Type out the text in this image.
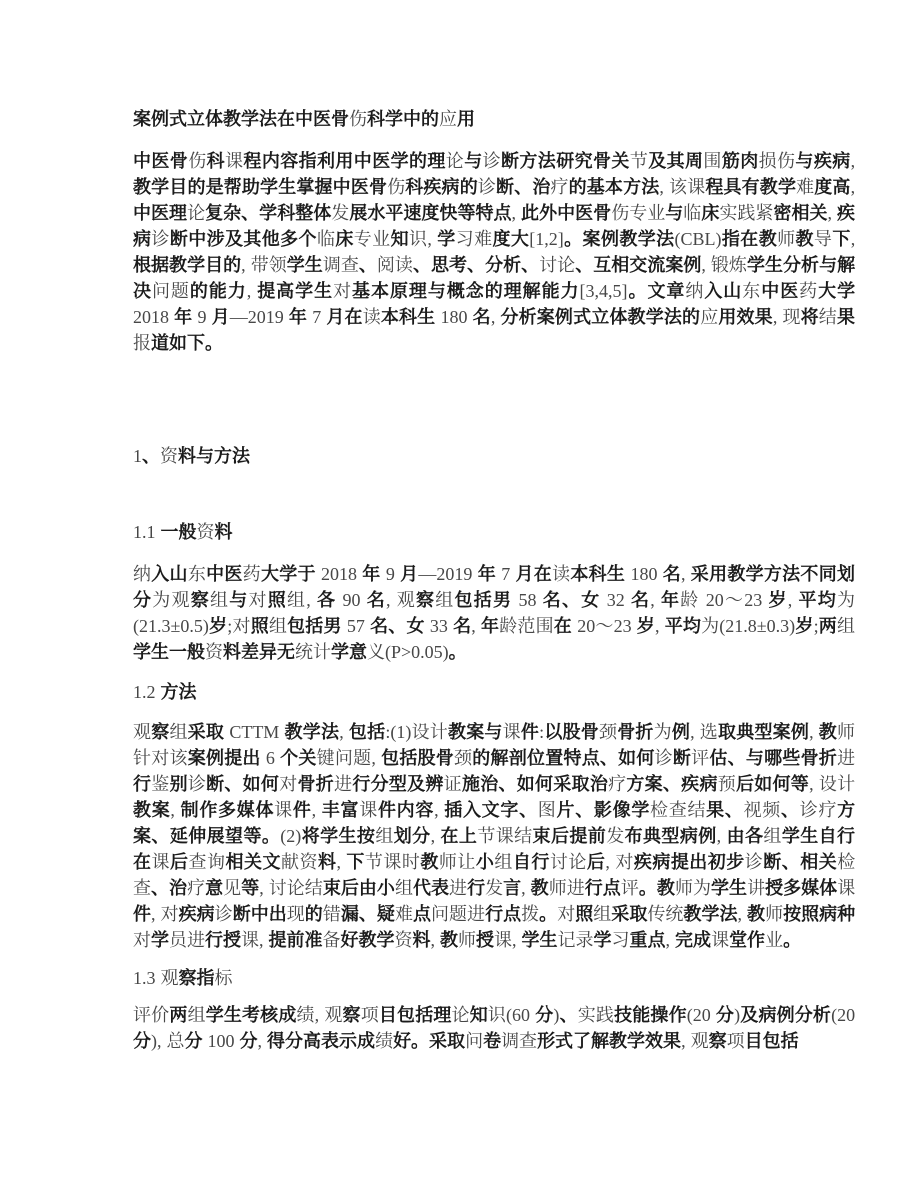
案例式立体教学法在中医骨伤科学中的应用

中医骨伤科课程内容指利用中医学的理论与诊断方法研究骨关节及其周围筋肉损伤与疾病, 教学目的是帮助学生掌握中医骨伤科疾病的诊断、治疗的基本方法, 该课程具有教学难度高, 中医理论复杂、学科整体发展水平速度快等特点, 此外中医骨伤专业与临床实践紧密相关, 疾病诊断中涉及其他多个临床专业知识, 学习难度大[1,2]。案例教学法(CBL)指在教师教导下, 根据教学目的, 带领学生调查、阅读、思考、分析、讨论、互相交流案例, 锻炼学生分析与解决问题的能力, 提高学生对基本原理与概念的理解能力[3,4,5]。文章纳入山东中医药大学 2018 年 9 月—2019 年 7 月在读本科生 180 名, 分析案例式立体教学法的应用效果, 现将结果报道如下。

1、资料与方法
1.1 一般资料

纳入山东中医药大学于 2018 年 9 月—2019 年 7 月在读本科生 180 名, 采用教学方法不同划分为观察组与对照组, 各 90 名, 观察组包括男 58 名、女 32 名, 年龄 20～23 岁, 平均为(21.3±0.5)岁;对照组包括男 57 名、女 33 名, 年龄范围在 20～23 岁, 平均为(21.8±0.3)岁;两组学生一般资料差异无统计学意义(P>0.05)。

1.2 方法

观察组采取 CTTM 教学法, 包括:(1)设计教案与课件:以股骨颈骨折为例, 选取典型案例, 教师针对该案例提出 6 个关键问题, 包括股骨颈的解剖位置特点、如何诊断评估、与哪些骨折进行鉴别诊断、如何对骨折进行分型及辨证施治、如何采取治疗方案、疾病预后如何等, 设计教案, 制作多媒体课件, 丰富课件内容, 插入文字、图片、影像学检查结果、视频、诊疗方案、延伸展望等。(2)将学生按组划分, 在上节课结束后提前发布典型病例, 由各组学生自行在课后查询相关文献资料, 下节课时教师让小组自行讨论后, 对疾病提出初步诊断、相关检查、治疗意见等, 讨论结束后由小组代表进行发言, 教师进行点评。教师为学生讲授多媒体课件, 对疾病诊断中出现的错漏、疑难点问题进行点拨。对照组采取传统教学法, 教师按照病种对学员进行授课, 提前准备好教学资料, 教师授课, 学生记录学习重点, 完成课堂作业。

1.3 观察指标

评价两组学生考核成绩, 观察项目包括理论知识(60 分)、实践技能操作(20 分)及病例分析(20 分), 总分 100 分, 得分高表示成绩好。采取问卷调查形式了解教学效果, 观察项目包括
